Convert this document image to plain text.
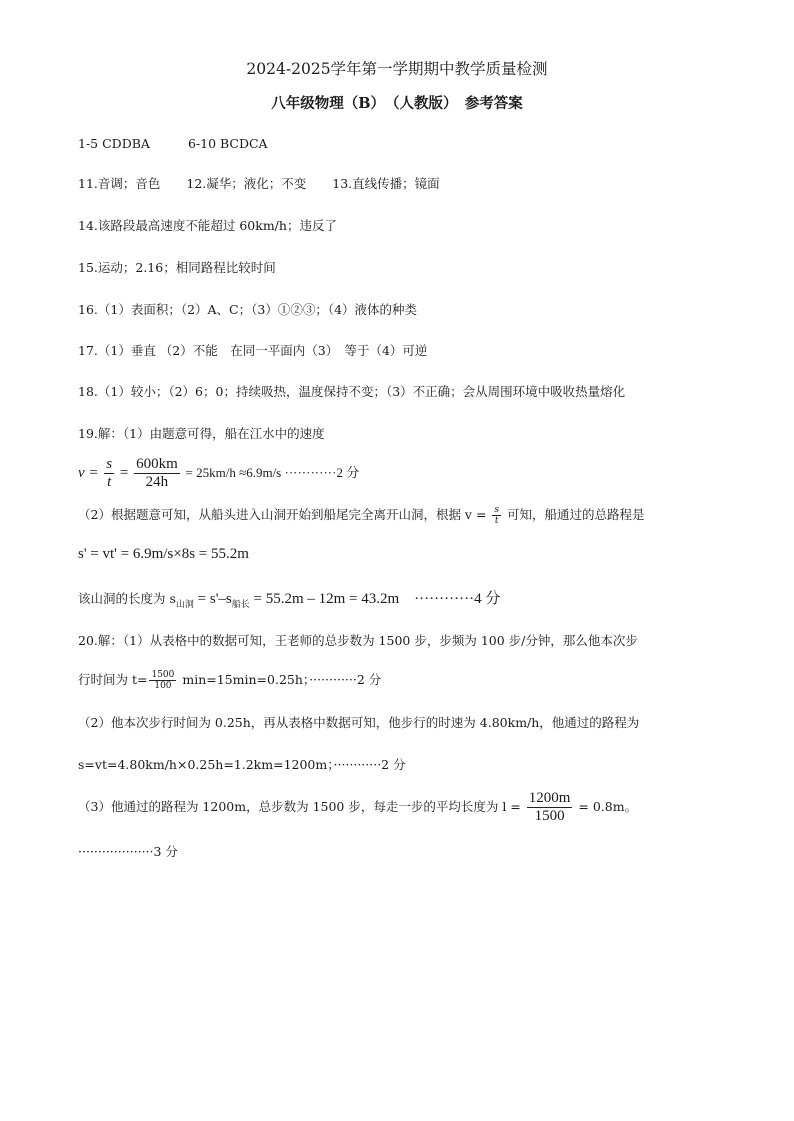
2024-2025学年第一学期期中教学质量检测
八年级物理（B）　（人教版）　参考答案
1-5 CDDBA	6-10 BCDCA
11.音调；音色 12.凝华；液化；不变 13.直线传播；镜面
14.该路段最高速度不能超过 60km/h；违反了
15.运动；2.16；相同路程比较时间
16.（1）表面积；（2）A、C；（3）①②③；（4）液体的种类
17.（1）垂直 （2）不能　在同一平面内（3）　等于（4）可逆
18.（1）较小；（2）6；0；持续吸热，温度保持不变；（3）不正确；会从周围环境中吸收热量熔化
19.解：（1）由题意可得，船在江水中的速度
$v = \frac{s}{t} = \frac{600km}{24h} = 25km/h \approx 6.9m/s \cdot\cdot\cdot\cdot\cdot\cdot\cdot\cdot\cdot\cdot\cdot\cdot 2$ 分
（2）根据题意可知，从船头进入山洞开始到船尾完全离开山洞，根据 $v = \frac{s}{t}$ 可知，船通过的总路程是
s' = vt' = 6.9m/s×8s = 55.2m
该山洞的长度为 $s_{山洞} = s'-s_{船长} = 55.2m - 12m = 43.2m$　············4 分
20.解：（1）从表格中的数据可知，王老师的总步数为 1500 步，步频为 100 步/分钟，那么他本次步
行时间为 $t= \frac{1500}{100} \min=15\min=0.25h$；············2 分
（2）他本次步行时间为 0.25h，再从表格中数据可知，他步行的时速为 4.80km/h，他通过的路程为
s=vt=4.80km/h×0.25h=1.2km=1200m；············2 分
（3）他通过的路程为 1200m，总步数为 1500 步，每走一步的平均长度为 $l = \frac{1200m}{1500} = 0.8m$。
···················3 分
